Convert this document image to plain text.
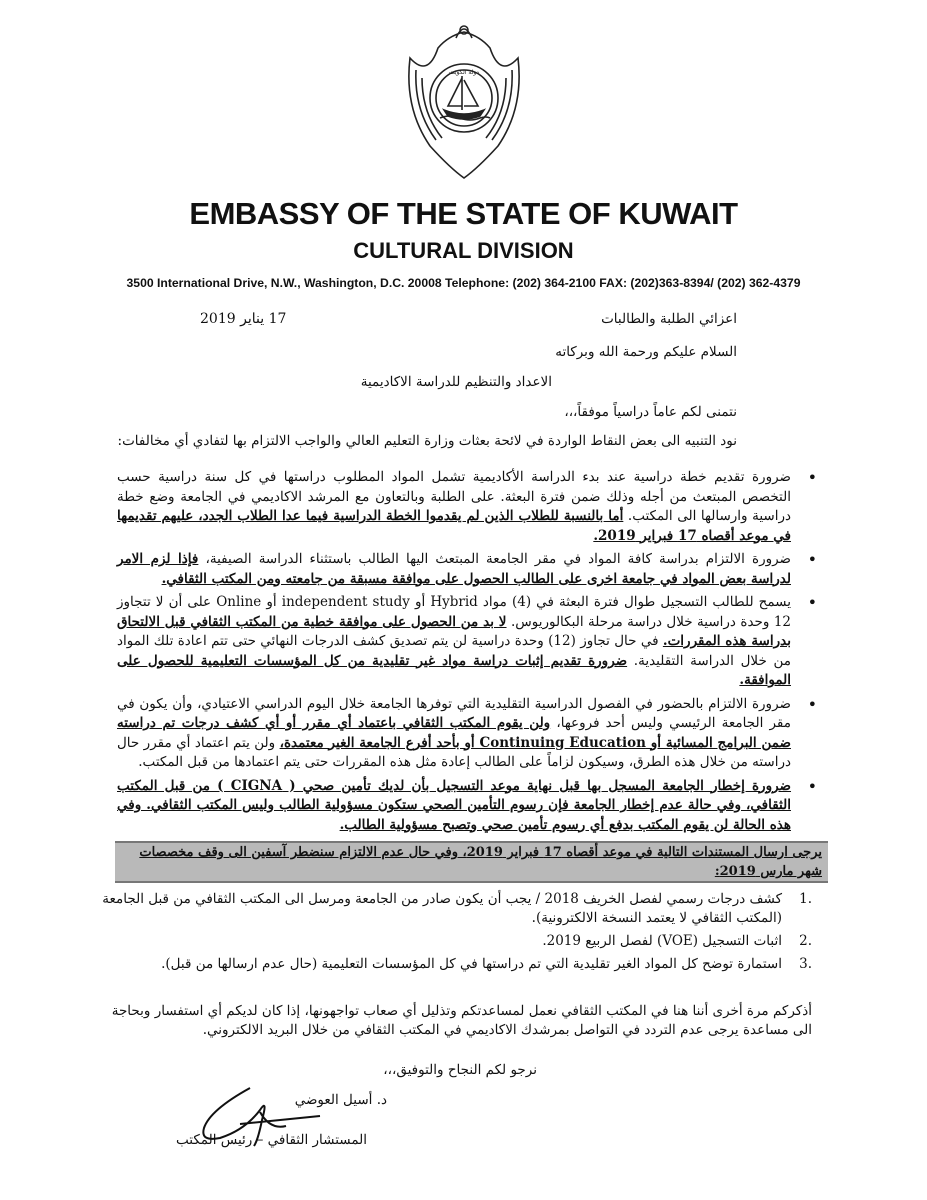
دولة الكويت
EMBASSY OF THE STATE OF KUWAIT
CULTURAL DIVISION
3500 International Drive, N.W., Washington, D.C. 20008 Telephone: (202) 364-2100 FAX: (202)363-8394/ (202) 362-4379
17 يناير 2019	اعزائي الطلبة والطالبات
السلام عليكم ورحمة الله وبركاته
الاعداد والتنظيم للدراسة الاكاديمية
نتمنى لكم عاماً دراسياً موفقاً،،،
نود التنبيه الى بعض النقاط الواردة في لائحة بعثات وزارة التعليم العالي والواجب الالتزام بها لتفادي أي مخالفات:
• ضرورة تقديم خطة دراسية عند بدء الدراسة الأكاديمية تشمل المواد المطلوب دراستها في كل سنة دراسية حسب التخصص المبتعث من أجله وذلك ضمن فترة البعثة. على الطلبة وبالتعاون مع المرشد الاكاديمي في الجامعة وضع خطة دراسية وارسالها الى المكتب. أما بالنسبة للطلاب الذين لم يقدموا الخطة الدراسية فيما عدا الطلاب الجدد، عليهم تقديمها في موعد أقصاه 17 فبراير 2019.
• ضرورة الالتزام بدراسة كافة المواد في مقر الجامعة المبتعث اليها الطالب باستثناء الدراسة الصيفية، فإذا لزم الامر لدراسة بعض المواد في جامعة اخرى على الطالب الحصول على موافقة مسبقة من جامعته ومن المكتب الثقافي.
• يسمح للطالب التسجيل طوال فترة البعثة في (4) مواد Hybrid أو independent study أو Online على أن لا تتجاوز 12 وحدة دراسية خلال دراسة مرحلة البكالوريوس. لا بد من الحصول على موافقة خطية من المكتب الثقافي قبل الالتحاق بدراسة هذه المقررات. في حال تجاوز (12) وحدة دراسية لن يتم تصديق كشف الدرجات النهائي حتى تتم اعادة تلك المواد من خلال الدراسة التقليدية. ضرورة تقديم إثبات دراسة مواد غير تقليدية من كل المؤسسات التعليمية للحصول على الموافقة.
• ضرورة الالتزام بالحضور في الفصول الدراسية التقليدية التي توفرها الجامعة خلال اليوم الدراسي الاعتيادي، وأن يكون في مقر الجامعة الرئيسي وليس أحد فروعها، ولن يقوم المكتب الثقافي باعتماد أي مقرر أو أي كشف درجات تم دراسته ضمن البرامج المسائية أو Continuing Education أو بأحد أفرع الجامعة الغير معتمدة، ولن يتم اعتماد أي مقرر حال دراسته من خلال هذه الطرق، وسيكون لزاماً على الطالب إعادة مثل هذه المقررات حتى يتم اعتمادها من قبل المكتب.
• ضرورة إخطار الجامعة المسجل بها قبل نهاية موعد التسجيل بأن لديك تأمين صحي ( CIGNA ) من قبل المكتب الثقافي، وفي حالة عدم إخطار الجامعة فإن رسوم التأمين الصحي ستكون مسؤولية الطالب وليس المكتب الثقافي. وفي هذه الحالة لن يقوم المكتب بدفع أي رسوم تأمين صحي وتصبح مسؤولية الطالب.
يرجى ارسال المستندات التالية في موعد أقصاه 17 فبراير 2019، وفي حال عدم الالتزام سنضطر آسفين الى وقف مخصصات شهر مارس 2019:
.1
كشف درجات رسمي لفصل الخريف 2018 / يجب أن يكون صادر من الجامعة ومرسل الى المكتب الثقافي من قبل الجامعة (المكتب الثقافي لا يعتمد النسخة الالكترونية).
.2
اثبات التسجيل (VOE) لفصل الربيع 2019.
.3
استمارة توضح كل المواد الغير تقليدية التي تم دراستها في كل المؤسسات التعليمية (حال عدم ارسالها من قبل).
أذكركم مرة أخرى أننا هنا في المكتب الثقافي نعمل لمساعدتكم وتذليل أي صعاب تواجهونها، إذا كان لديكم أي استفسار وبحاجة الى مساعدة يرجى عدم التردد في التواصل بمرشدك الاكاديمي في المكتب الثقافي من خلال البريد الالكتروني.
نرجو لكم النجاح والتوفيق،،،
د. أسيل العوضي
المستشار الثقافي – رئيس المكتب
